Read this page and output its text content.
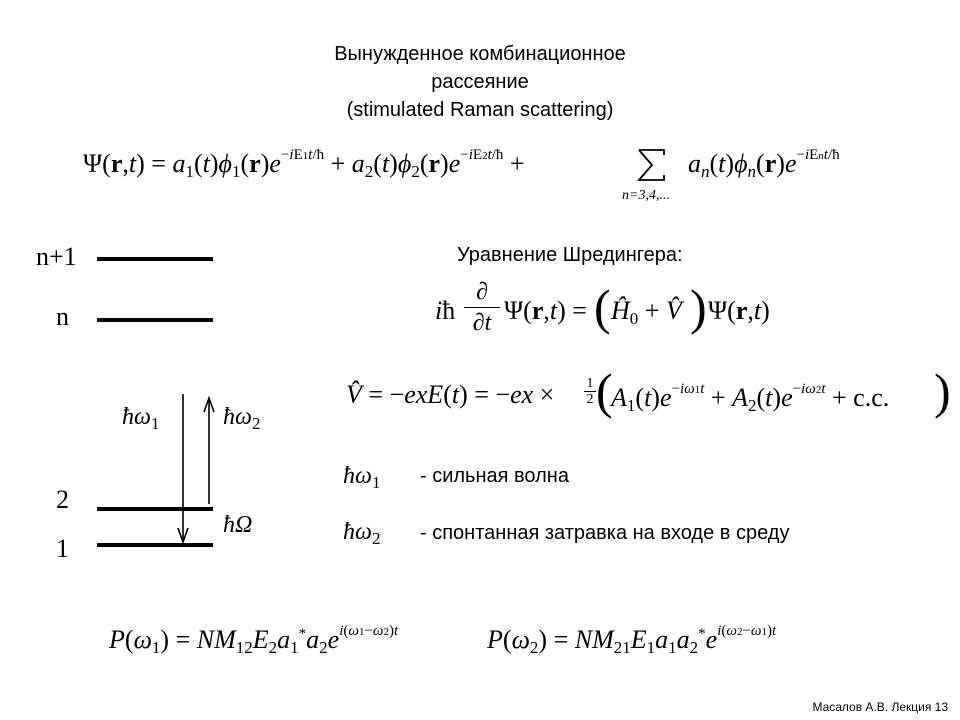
Вынужденное комбинационное
рассеяние
(stimulated Raman scattering)
$\Psi(r,t) = a_1(t)\phi_1(r)e^{-iE1t/ħ} + a_2(t)\phi_2(r)e^{-iE2t/ħ}$ +
n=3,4,...
$a_n(t)\phi_n(r)e^{-iEnt/ħ}$
n+1
n
2
1
$ħ\omega_1$	$ħ\omega_2$
ħΩ
Уравнение Шредингера:
iħ
∂
∂t Ψ(r,t) = ( $Ĥ_0$ + V̂ ) Ψ(r,t)
V̂ = −exE(t) = −ex × 1
2 (
$A_1(t)e^{-i\omega 1t} + A_2(t)e^{-i\omega 2t} + c.c$. )
$ħ\omega_1$ - сильная волна
$ħ\omega_2$ - спонтанная затравка на входе в среду
$P(\omega_1) = NM_{12}E_2a_1^*a_2e^{i(\omega 1-\omega 2)t}$	$P(\omega_2) = NM_{21}E_1a_1a_2^*e^{i(\omega 2-\omega 1)t}$
Масалов А.В. Лекция 13
